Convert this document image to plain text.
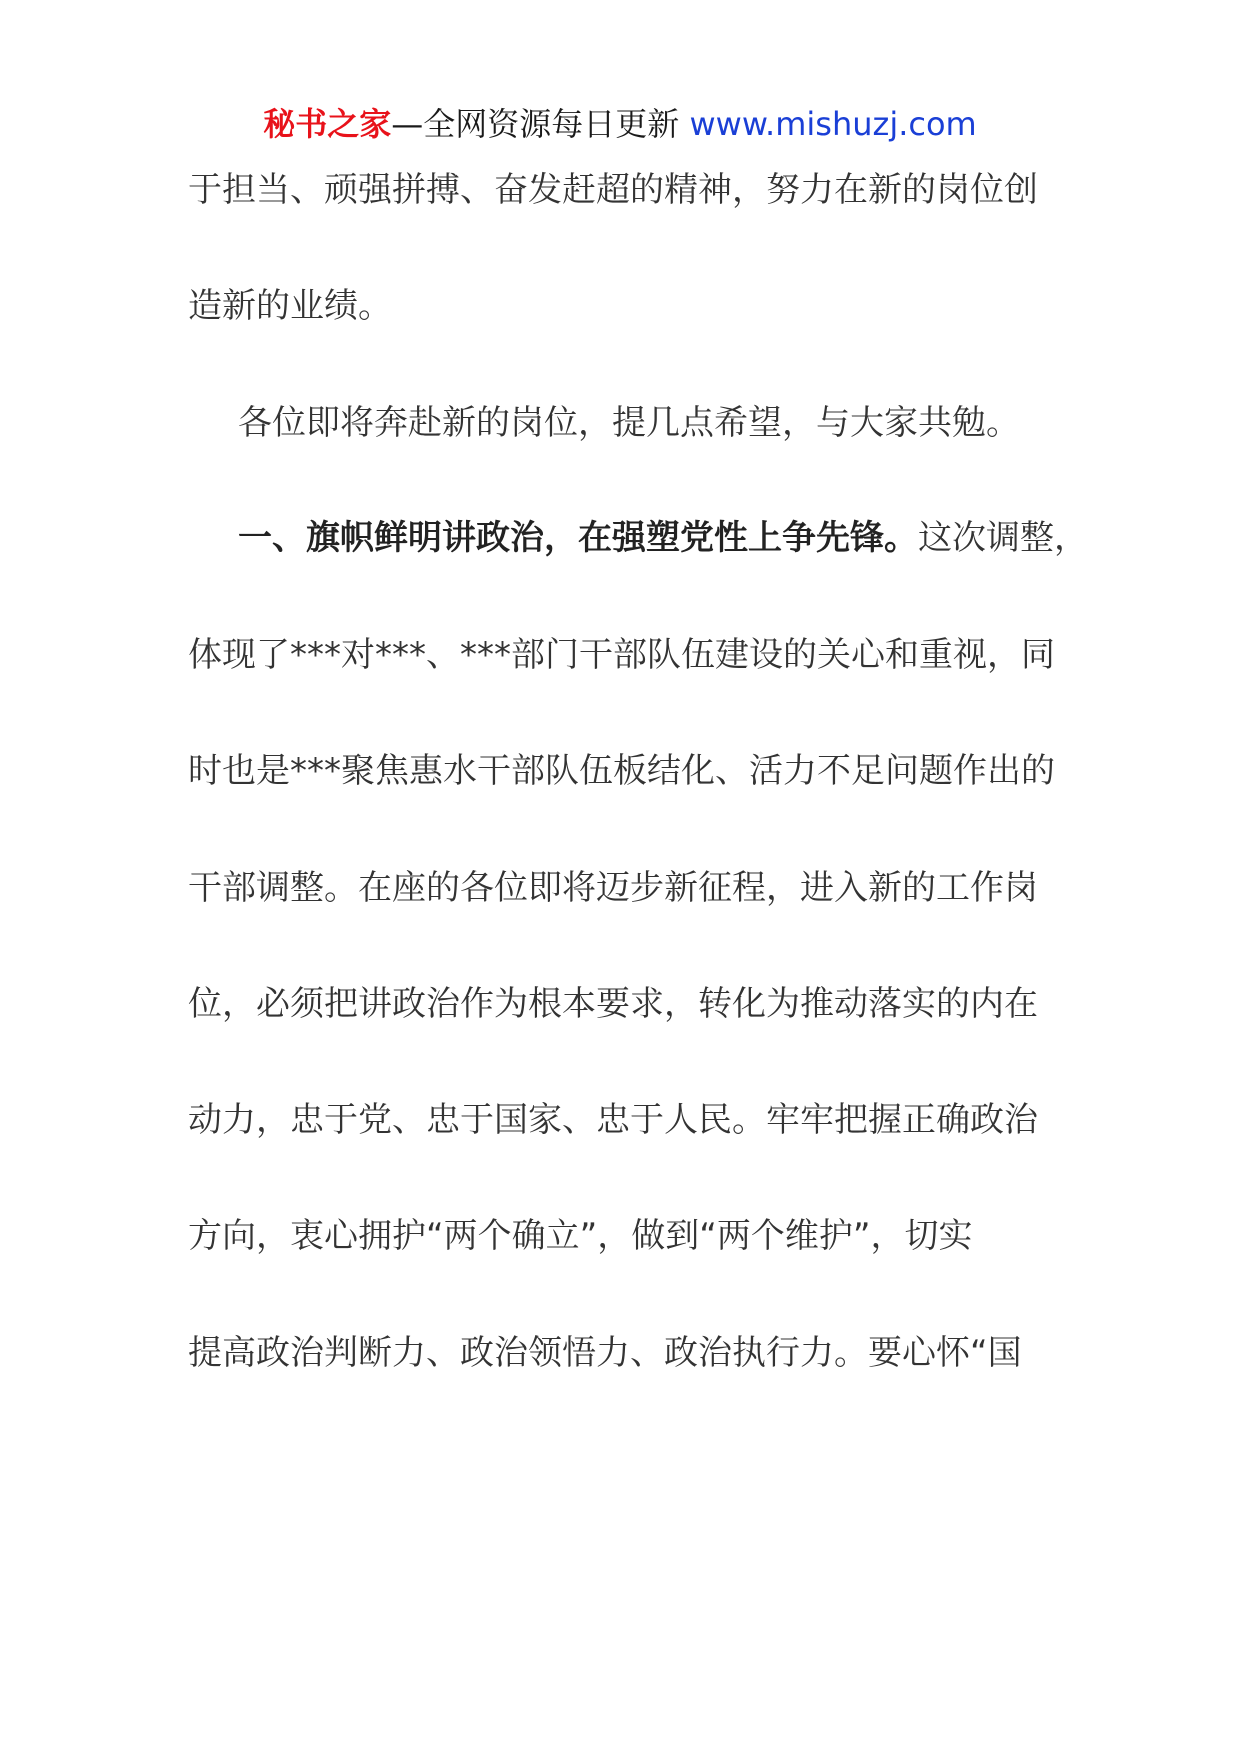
秘书之家—全网资源每日更新 www.mishuzj.com
于担当、顽强拼搏、奋发赶超的精神，努力在新的岗位创
造新的业绩。
各位即将奔赴新的岗位，提几点希望，与大家共勉。
一、旗帜鲜明讲政治，在强塑党性上争先锋。这次调整，
体现了***对***、***部门干部队伍建设的关心和重视，同
时也是***聚焦惠水干部队伍板结化、活力不足问题作出的
干部调整。在座的各位即将迈步新征程，进入新的工作岗
位，必须把讲政治作为根本要求，转化为推动落实的内在
动力，忠于党、忠于国家、忠于人民。牢牢把握正确政治
方向，衷心拥护“两个确立”，做到“两个维护”，切实
提高政治判断力、政治领悟力、政治执行力。要心怀“国
